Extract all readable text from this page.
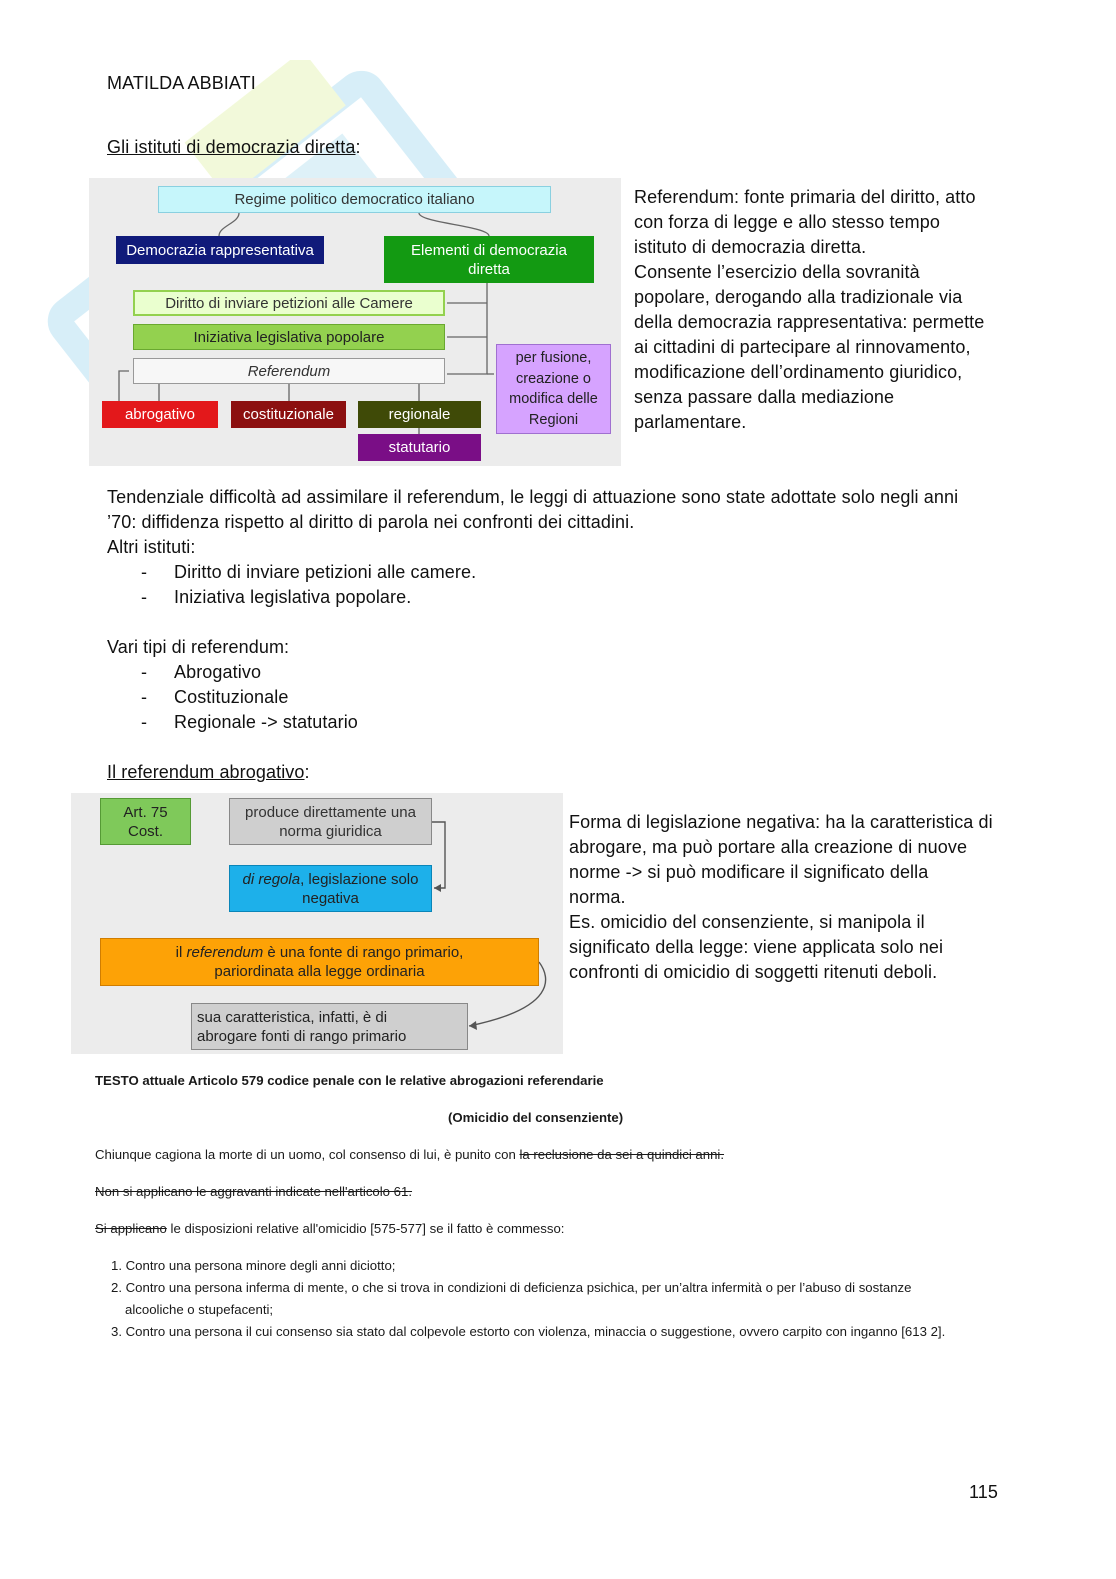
MATILDA ABBIATI
Gli istituti di democrazia diretta:
Regime politico democratico italiano
Democrazia rappresentativa	Elementi di democrazia
diretta
Diritto di inviare petizioni alle Camere
Iniziativa legislativa popolare
Referendum
per fusione,
creazione o
modifica delle
Regioni
abrogativo	costituzionale	regionale
statutario
Referendum: fonte primaria del diritto, atto
con forza di legge e allo stesso tempo
istituto di democrazia diretta.
Consente l’esercizio della sovranità
popolare, derogando alla tradizionale via
della democrazia rappresentativa: permette
ai cittadini di partecipare al rinnovamento,
modificazione dell’ordinamento giuridico,
senza passare dalla mediazione
parlamentare.
Tendenziale difficoltà ad assimilare il referendum, le leggi di attuazione sono state adottate solo negli anni
’70: diffidenza rispetto al diritto di parola nei confronti dei cittadini.
Altri istituti:
- Diritto di inviare petizioni alle camere.
- Iniziativa legislativa popolare.
Vari tipi di referendum:
- Abrogativo
- Costituzionale
- Regionale -> statutario
Il referendum abrogativo:
Art. 75
Cost.
produce direttamente una
norma giuridica
di regola, legislazione solo
negativa
il referendum è una fonte di rango primario,
pariordinata alla legge ordinaria
sua caratteristica, infatti, è di
abrogare fonti di rango primario
Forma di legislazione negativa: ha la caratteristica di
abrogare, ma può portare alla creazione di nuove
norme -> si può modificare il significato della
norma.
Es. omicidio del consenziente, si manipola il
significato della legge: viene applicata solo nei
confronti di omicidio di soggetti ritenuti deboli.
TESTO attuale Articolo 579 codice penale con le relative abrogazioni referendarie
(Omicidio del consenziente)
Chiunque cagiona la morte di un uomo, col consenso di lui, è punito con la reclusione da sei a quindici anni.
Non si applicano le aggravanti indicate nell'articolo 61.
Si applicano le disposizioni relative all'omicidio [575-577] se il fatto è commesso:
1. Contro una persona minore degli anni diciotto;
2. Contro una persona inferma di mente, o che si trova in condizioni di deficienza psichica, per un’altra infermità o per l’abuso di sostanze
alcooliche o stupefacenti;
3. Contro una persona il cui consenso sia stato dal colpevole estorto con violenza, minaccia o suggestione, ovvero carpito con inganno [613 2].
115
